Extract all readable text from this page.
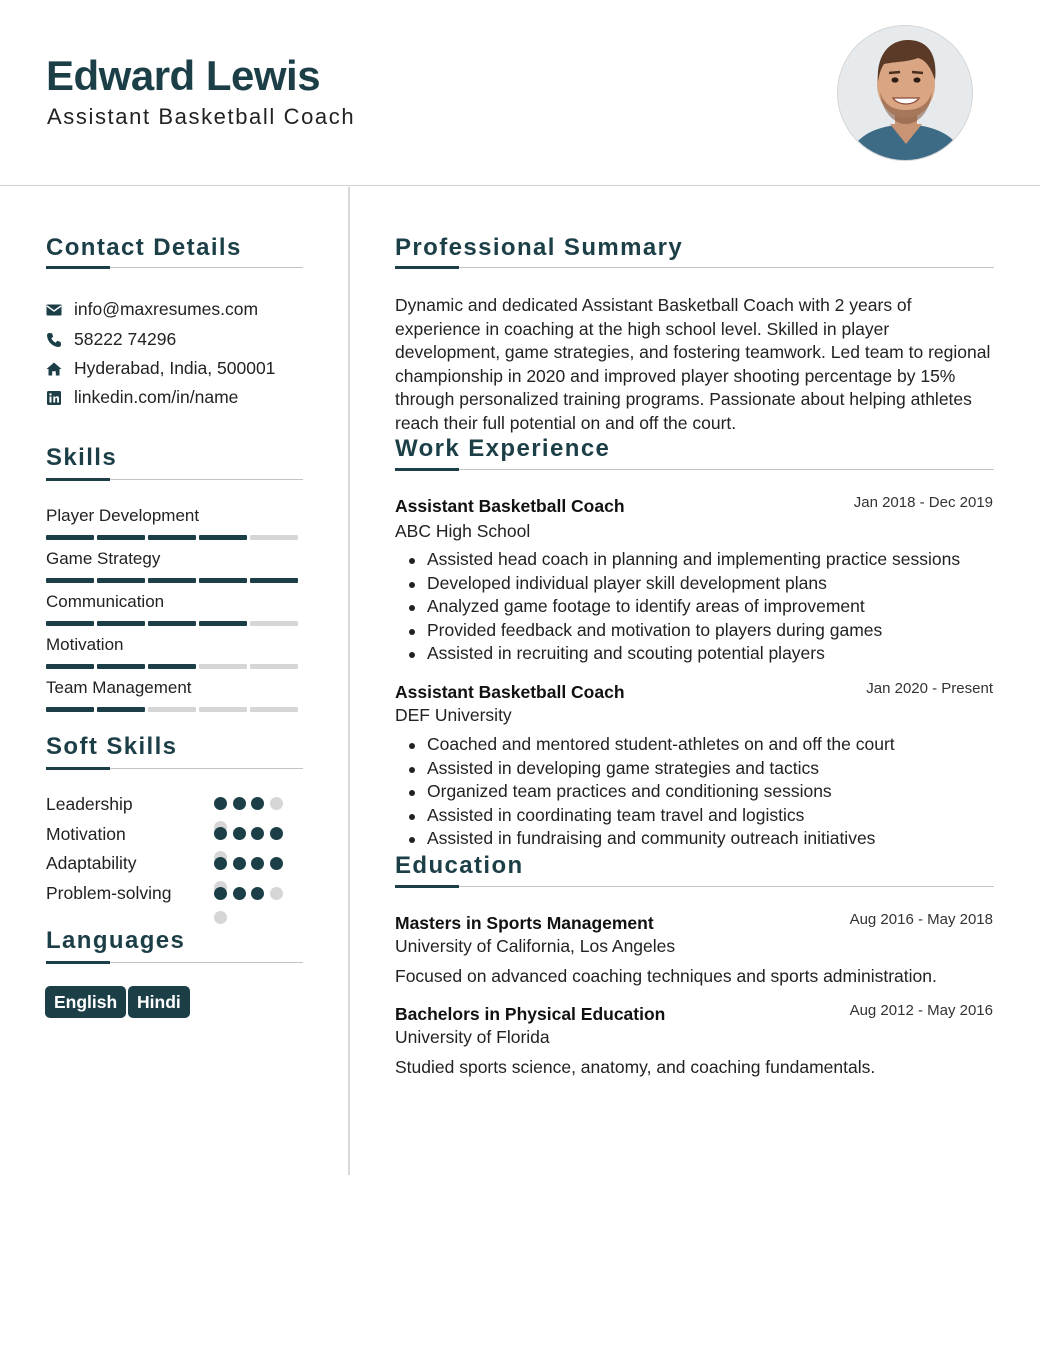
Edward Lewis
Assistant Basketball Coach
Contact Details
info@maxresumes.com
58222 74296
Hyderabad, India, 500001
linkedin.com/in/name
Skills
Player Development
Game Strategy
Communication
Motivation
Team Management
Soft Skills
Leadership
Motivation
Adaptability
Problem-solving
Languages
English	Hindi
Professional Summary
Dynamic and dedicated Assistant Basketball Coach with 2 years of experience in coaching at the high school level. Skilled in player development, game strategies, and fostering teamwork. Led team to regional championship in 2020 and improved player shooting percentage by 15% through personalized training programs. Passionate about helping athletes reach their full potential on and off the court.
Work Experience
Assistant Basketball Coach	Jan 2018 - Dec 2019
ABC High School
Assisted head coach in planning and implementing practice sessions
Developed individual player skill development plans
Analyzed game footage to identify areas of improvement
Provided feedback and motivation to players during games
Assisted in recruiting and scouting potential players
Assistant Basketball Coach	Jan 2020 - Present
DEF University
Coached and mentored student-athletes on and off the court
Assisted in developing game strategies and tactics
Organized team practices and conditioning sessions
Assisted in coordinating team travel and logistics
Assisted in fundraising and community outreach initiatives
Education
Masters in Sports Management	Aug 2016 - May 2018
University of California, Los Angeles
Focused on advanced coaching techniques and sports administration.
Bachelors in Physical Education	Aug 2012 - May 2016
University of Florida
Studied sports science, anatomy, and coaching fundamentals.
